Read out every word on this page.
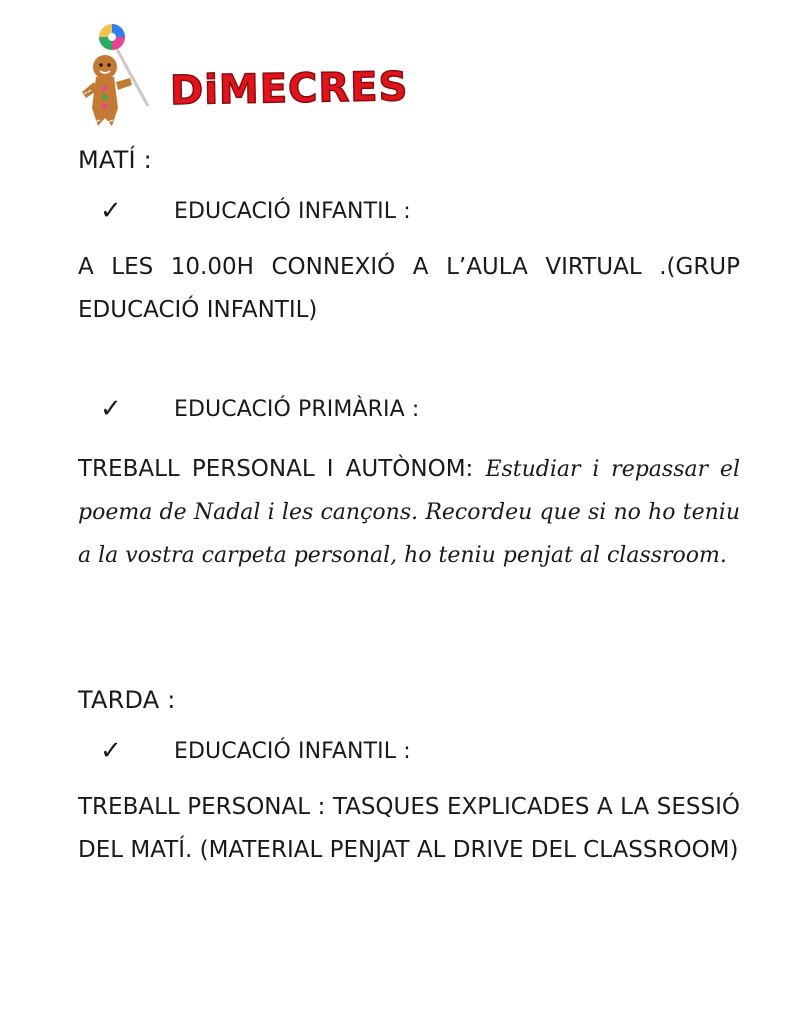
DiMECRES
MATÍ :
✓	EDUCACIÓ INFANTIL :
A LES 10.00H CONNEXIÓ A L’AULA VIRTUAL .(GRUP EDUCACIÓ INFANTIL)
✓	EDUCACIÓ PRIMÀRIA :
TREBALL PERSONAL I AUTÒNOM: Estudiar i repassar el poema de Nadal i les cançons. Recordeu que si no ho teniu a la vostra carpeta personal, ho teniu penjat al classroom.
TARDA :
✓	EDUCACIÓ INFANTIL :
TREBALL PERSONAL : TASQUES EXPLICADES A LA SESSIÓ DEL MATÍ. (MATERIAL PENJAT AL DRIVE DEL CLASSROOM)
